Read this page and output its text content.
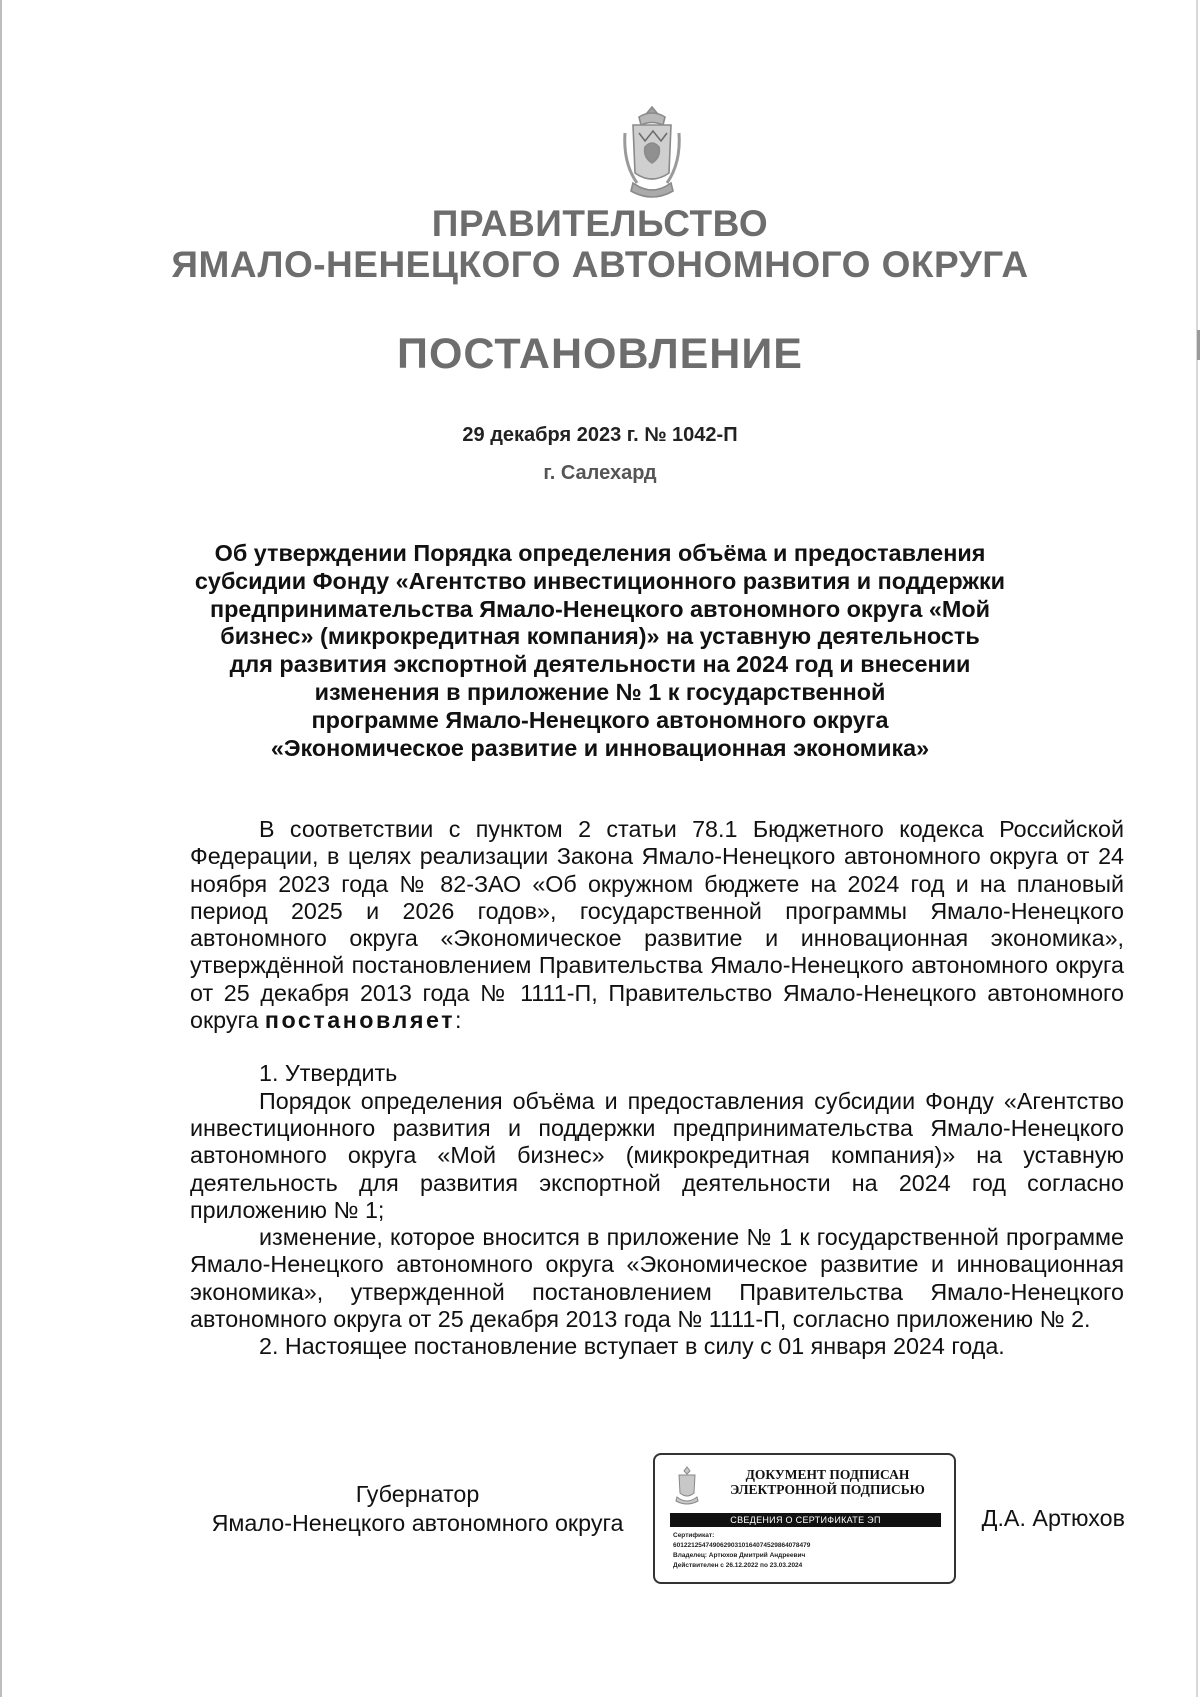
ПРАВИТЕЛЬСТВО
ЯМАЛО-НЕНЕЦКОГО АВТОНОМНОГО ОКРУГА
ПОСТАНОВЛЕНИЕ
29 декабря 2023 г. № 1042-П
г. Салехард
Об утверждении Порядка определения объёма и предоставления
субсидии Фонду «Агентство инвестиционного развития и поддержки
предпринимательства Ямало-Ненецкого автономного округа «Мой
бизнес» (микрокредитная компания)» на уставную деятельность
для развития экспортной деятельности на 2024 год и внесении
изменения в приложение № 1 к государственной
программе Ямало-Ненецкого автономного округа
«Экономическое развитие и инновационная экономика»

В соответствии с пунктом 2 статьи 78.1 Бюджетного кодекса Российской Федерации, в целях реализации Закона Ямало-Ненецкого автономного округа от 24 ноября 2023 года № 82-ЗАО «Об окружном бюджете на 2024 год и на плановый период 2025 и 2026 годов», государственной программы Ямало-Ненецкого автономного округа «Экономическое развитие и инновационная экономика», утверждённой постановлением Правительства Ямало-Ненецкого автономного округа от 25 декабря 2013 года № 1111-П, Правительство Ямало-Ненецкого автономного округа постановляет:

1. Утвердить

Порядок определения объёма и предоставления субсидии Фонду «Агентство инвестиционного развития и поддержки предпринимательства Ямало-Ненецкого автономного округа «Мой бизнес» (микрокредитная компания)» на уставную деятельность для развития экспортной деятельности на 2024 год согласно приложению № 1;

изменение, которое вносится в приложение № 1 к государственной программе Ямало-Ненецкого автономного округа «Экономическое развитие и инновационная экономика», утвержденной постановлением Правительства Ямало-Ненецкого автономного округа от 25 декабря 2013 года № 1111-П, согласно приложению № 2.

2. Настоящее постановление вступает в силу с 01 января 2024 года.

Губернатор
Ямало-Ненецкого автономного округа
ДОКУМЕНТ ПОДПИСАН
ЭЛЕКТРОННОЙ ПОДПИСЬЮ
СВЕДЕНИЯ О СЕРТИФИКАТЕ ЭП
Сертификат:
60122125474906290310164074529864078479
Владелец: Артюхов Дмитрий Андреевич
Действителен с 26.12.2022 по 23.03.2024
Д.А. Артюхов
